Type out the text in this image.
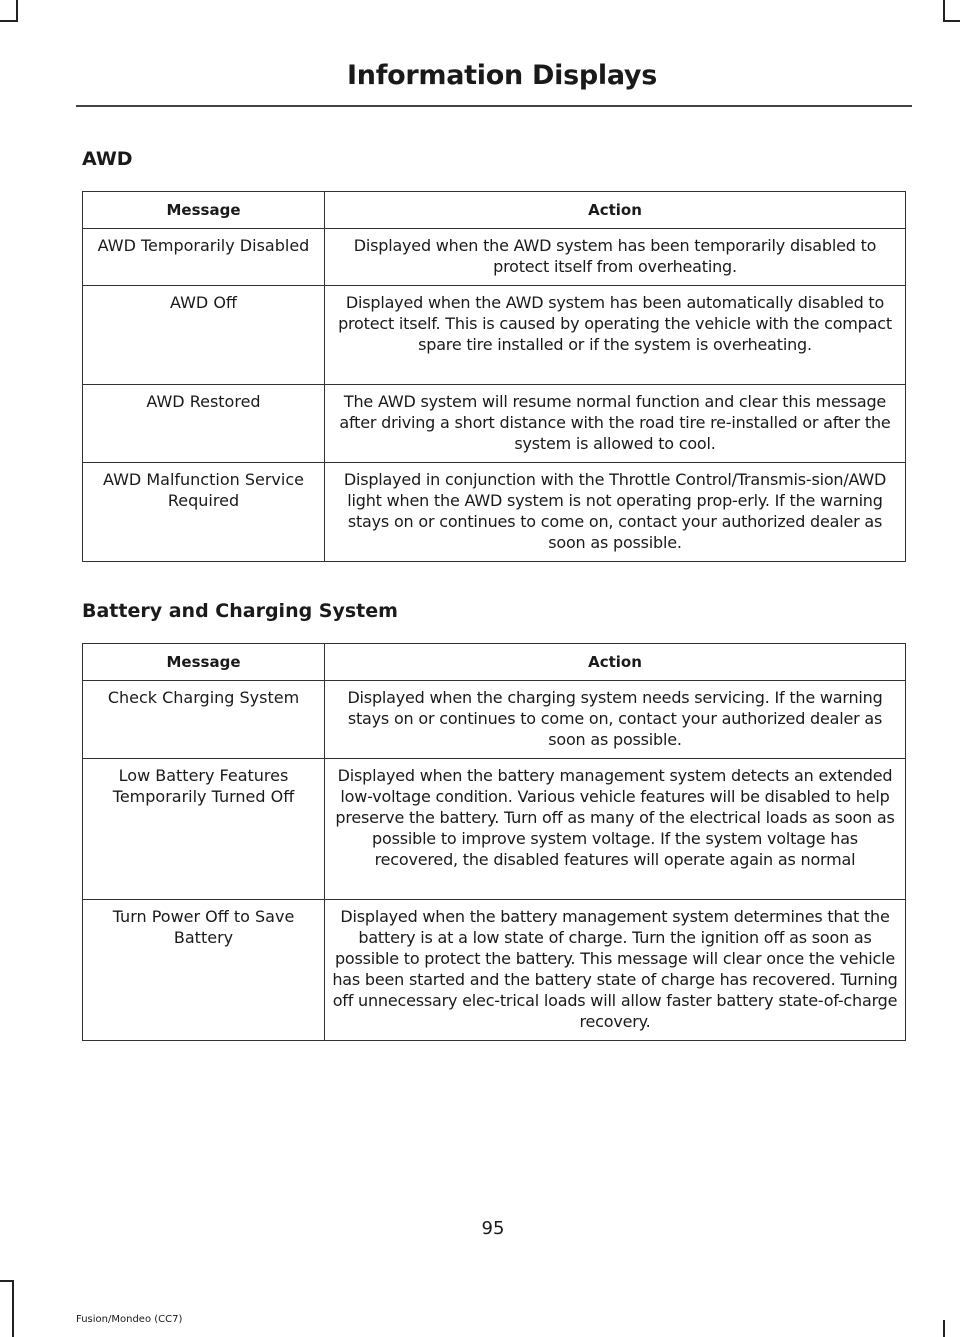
Information Displays
AWD
Message	Action
AWD Temporarily Disabled	Displayed when the AWD system has been temporarily disabled to protect itself from overheating.
AWD Off	Displayed when the AWD system has been automatically disabled to protect itself. This is caused by operating the vehicle with the compact spare tire installed or if the system is overheating.
AWD Restored	The AWD system will resume normal function and clear this message after driving a short distance with the road tire re-installed or after the system is allowed to cool.
AWD Malfunction Service Required	Displayed in conjunction with the Throttle Control/Transmis-sion/AWD light when the AWD system is not operating prop-erly. If the warning stays on or continues to come on, contact your authorized dealer as soon as possible.
Battery and Charging System
Message	Action
Check Charging System	Displayed when the charging system needs servicing. If the warning stays on or continues to come on, contact your authorized dealer as soon as possible.
Low Battery Features Temporarily Turned Off	Displayed when the battery management system detects an extended low-voltage condition. Various vehicle features will be disabled to help preserve the battery. Turn off as many of the electrical loads as soon as possible to improve system voltage. If the system voltage has recovered, the disabled features will operate again as normal
Turn Power Off to Save Battery	Displayed when the battery management system determines that the battery is at a low state of charge. Turn the ignition off as soon as possible to protect the battery. This message will clear once the vehicle has been started and the battery state of charge has recovered. Turning off unnecessary elec-trical loads will allow faster battery state-of-charge recovery.
95
Fusion/Mondeo (CC7)
